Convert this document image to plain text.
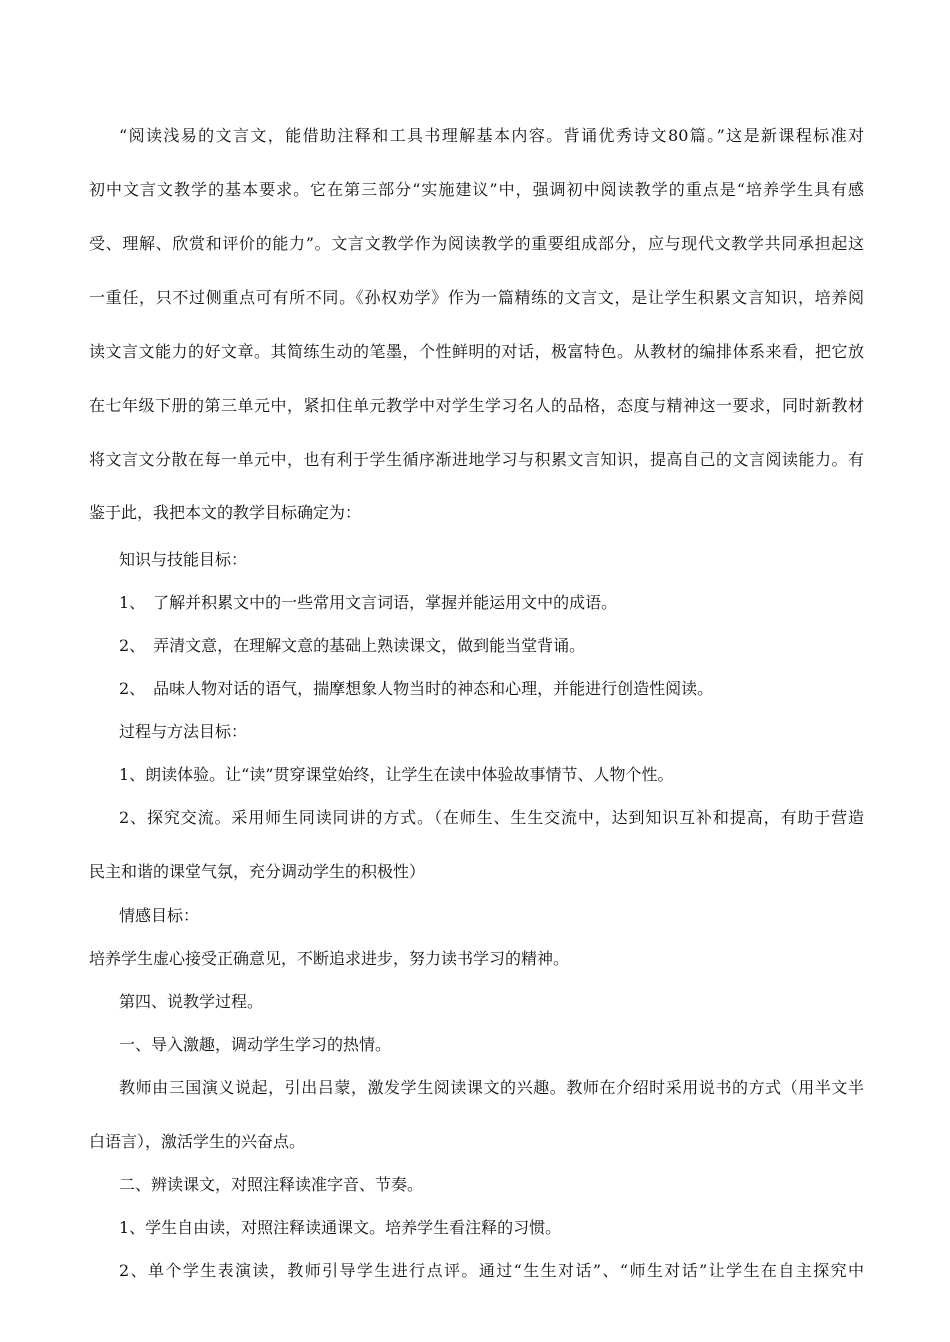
“阅读浅易的文言文，能借助注释和工具书理解基本内容。背诵优秀诗文80篇。”这是新课程标准对
初中文言文教学的基本要求。它在第三部分“实施建议”中，强调初中阅读教学的重点是“培养学生具有感
受、理解、欣赏和评价的能力”。文言文教学作为阅读教学的重要组成部分，应与现代文教学共同承担起这
一重任，只不过侧重点可有所不同。《孙权劝学》作为一篇精练的文言文，是让学生积累文言知识，培养阅
读文言文能力的好文章。其简练生动的笔墨，个性鲜明的对话，极富特色。从教材的编排体系来看，把它放
在七年级下册的第三单元中，紧扣住单元教学中对学生学习名人的品格，态度与精神这一要求，同时新教材
将文言文分散在每一单元中，也有利于学生循序渐进地学习与积累文言知识，提高自己的文言阅读能力。有
鉴于此，我把本文的教学目标确定为：
知识与技能目标：
1、　了解并积累文中的一些常用文言词语，掌握并能运用文中的成语。
2、　弄清文意，在理解文意的基础上熟读课文，做到能当堂背诵。
2、　品味人物对话的语气，揣摩想象人物当时的神态和心理，并能进行创造性阅读。
过程与方法目标：
1、朗读体验。让“读”贯穿课堂始终，让学生在读中体验故事情节、人物个性。
2、探究交流。采用师生同读同讲的方式。（在师生、生生交流中，达到知识互补和提高，有助于营造
民主和谐的课堂气氛，充分调动学生的积极性）
情感目标：
培养学生虚心接受正确意见，不断追求进步，努力读书学习的精神。
第四、说教学过程。
一、导入激趣，调动学生学习的热情。
教师由三国演义说起，引出吕蒙，激发学生阅读课文的兴趣。教师在介绍时采用说书的方式（用半文半
白语言），激活学生的兴奋点。
二、辨读课文，对照注释读准字音、节奏。
1、学生自由读，对照注释读通课文。培养学生看注释的习惯。
2、单个学生表演读，教师引导学生进行点评。通过“生生对话”、“师生对话”让学生在自主探究中
